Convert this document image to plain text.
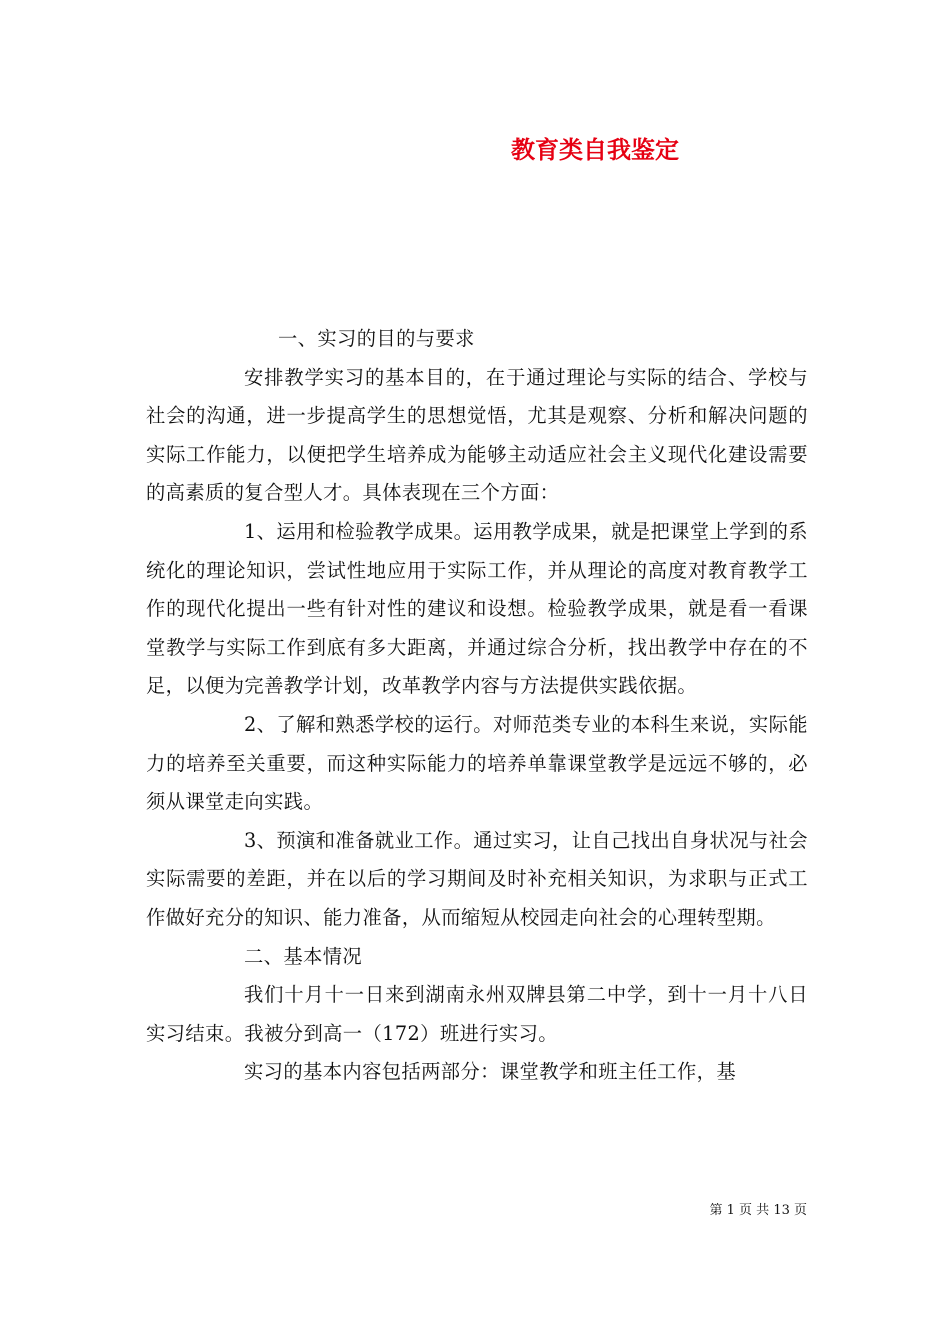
教育类自我鉴定

一、实习的目的与要求

安排教学实习的基本目的，在于通过理论与实际的结合、学校与社会的沟通，进一步提高学生的思想觉悟，尤其是观察、分析和解决问题的实际工作能力，以便把学生培养成为能够主动适应社会主义现代化建设需要的高素质的复合型人才。具体表现在三个方面：

1、运用和检验教学成果。运用教学成果，就是把课堂上学到的系统化的理论知识，尝试性地应用于实际工作，并从理论的高度对教育教学工作的现代化提出一些有针对性的建议和设想。检验教学成果，就是看一看课堂教学与实际工作到底有多大距离，并通过综合分析，找出教学中存在的不足，以便为完善教学计划，改革教学内容与方法提供实践依据。

2、了解和熟悉学校的运行。对师范类专业的本科生来说，实际能力的培养至关重要，而这种实际能力的培养单靠课堂教学是远远不够的，必须从课堂走向实践。

3、预演和准备就业工作。通过实习，让自己找出自身状况与社会实际需要的差距，并在以后的学习期间及时补充相关知识，为求职与正式工作做好充分的知识、能力准备，从而缩短从校园走向社会的心理转型期。

二、基本情况

我们十月十一日来到湖南永州双牌县第二中学，到十一月十八日实习结束。我被分到高一（172）班进行实习。

实习的基本内容包括两部分：课堂教学和班主任工作，基

第 1 页 共 13 页
